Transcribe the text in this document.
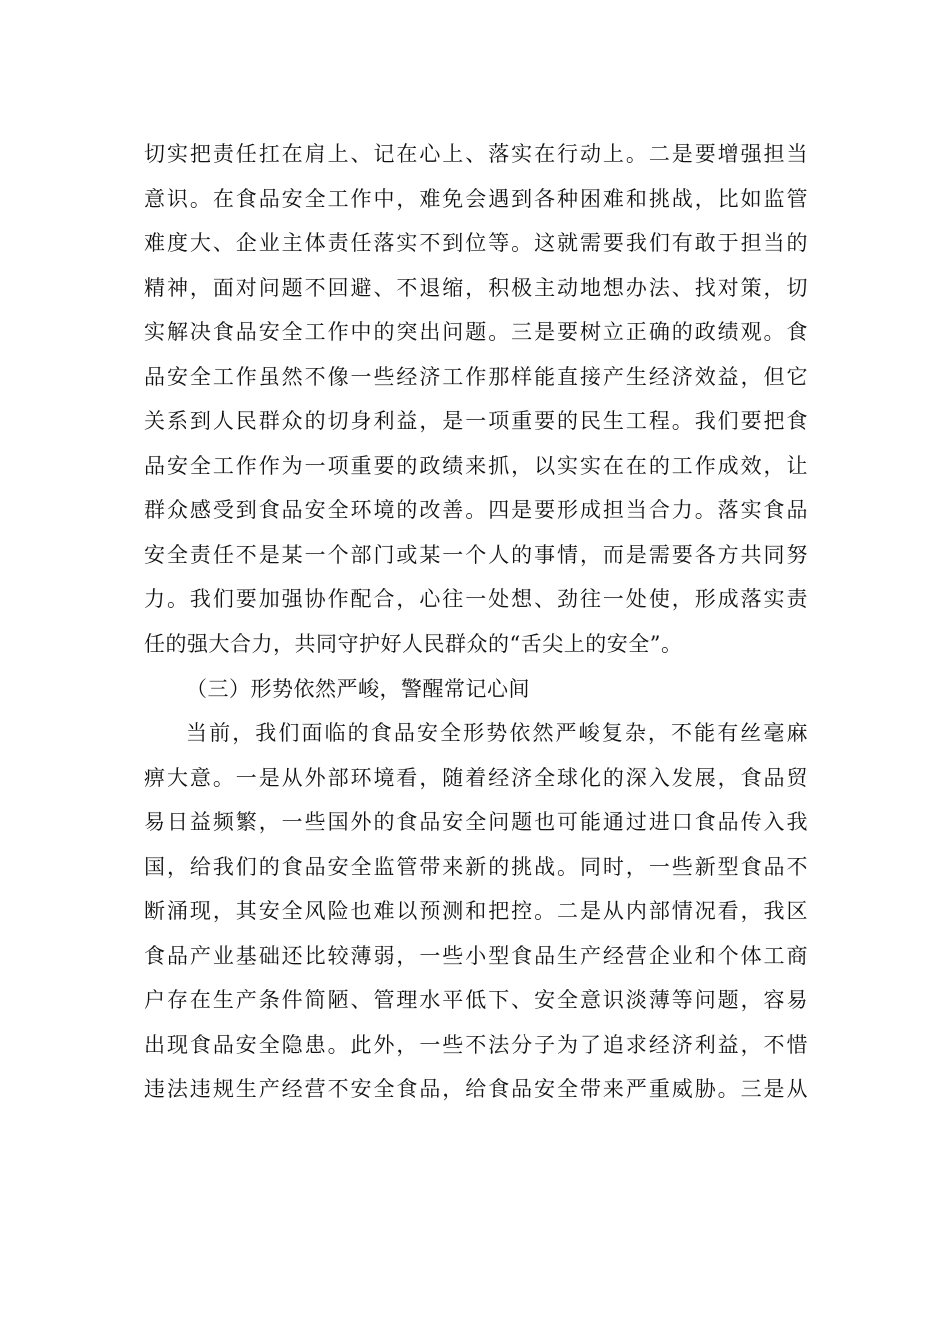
切实把责任扛在肩上、记在心上、落实在行动上。二是要增强担当
意识。在食品安全工作中，难免会遇到各种困难和挑战，比如监管
难度大、企业主体责任落实不到位等。这就需要我们有敢于担当的
精神，面对问题不回避、不退缩，积极主动地想办法、找对策，切
实解决食品安全工作中的突出问题。三是要树立正确的政绩观。食
品安全工作虽然不像一些经济工作那样能直接产生经济效益，但它
关系到人民群众的切身利益，是一项重要的民生工程。我们要把食
品安全工作作为一项重要的政绩来抓，以实实在在的工作成效，让
群众感受到食品安全环境的改善。四是要形成担当合力。落实食品
安全责任不是某一个部门或某一个人的事情，而是需要各方共同努
力。我们要加强协作配合，心往一处想、劲往一处使，形成落实责
任的强大合力，共同守护好人民群众的“舌尖上的安全”。
（三）形势依然严峻，警醒常记心间
当前，我们面临的食品安全形势依然严峻复杂，不能有丝毫麻
痹大意。一是从外部环境看，随着经济全球化的深入发展，食品贸
易日益频繁，一些国外的食品安全问题也可能通过进口食品传入我
国，给我们的食品安全监管带来新的挑战。同时，一些新型食品不
断涌现，其安全风险也难以预测和把控。二是从内部情况看，我区
食品产业基础还比较薄弱，一些小型食品生产经营企业和个体工商
户存在生产条件简陋、管理水平低下、安全意识淡薄等问题，容易
出现食品安全隐患。此外，一些不法分子为了追求经济利益，不惜
违法违规生产经营不安全食品，给食品安全带来严重威胁。三是从
